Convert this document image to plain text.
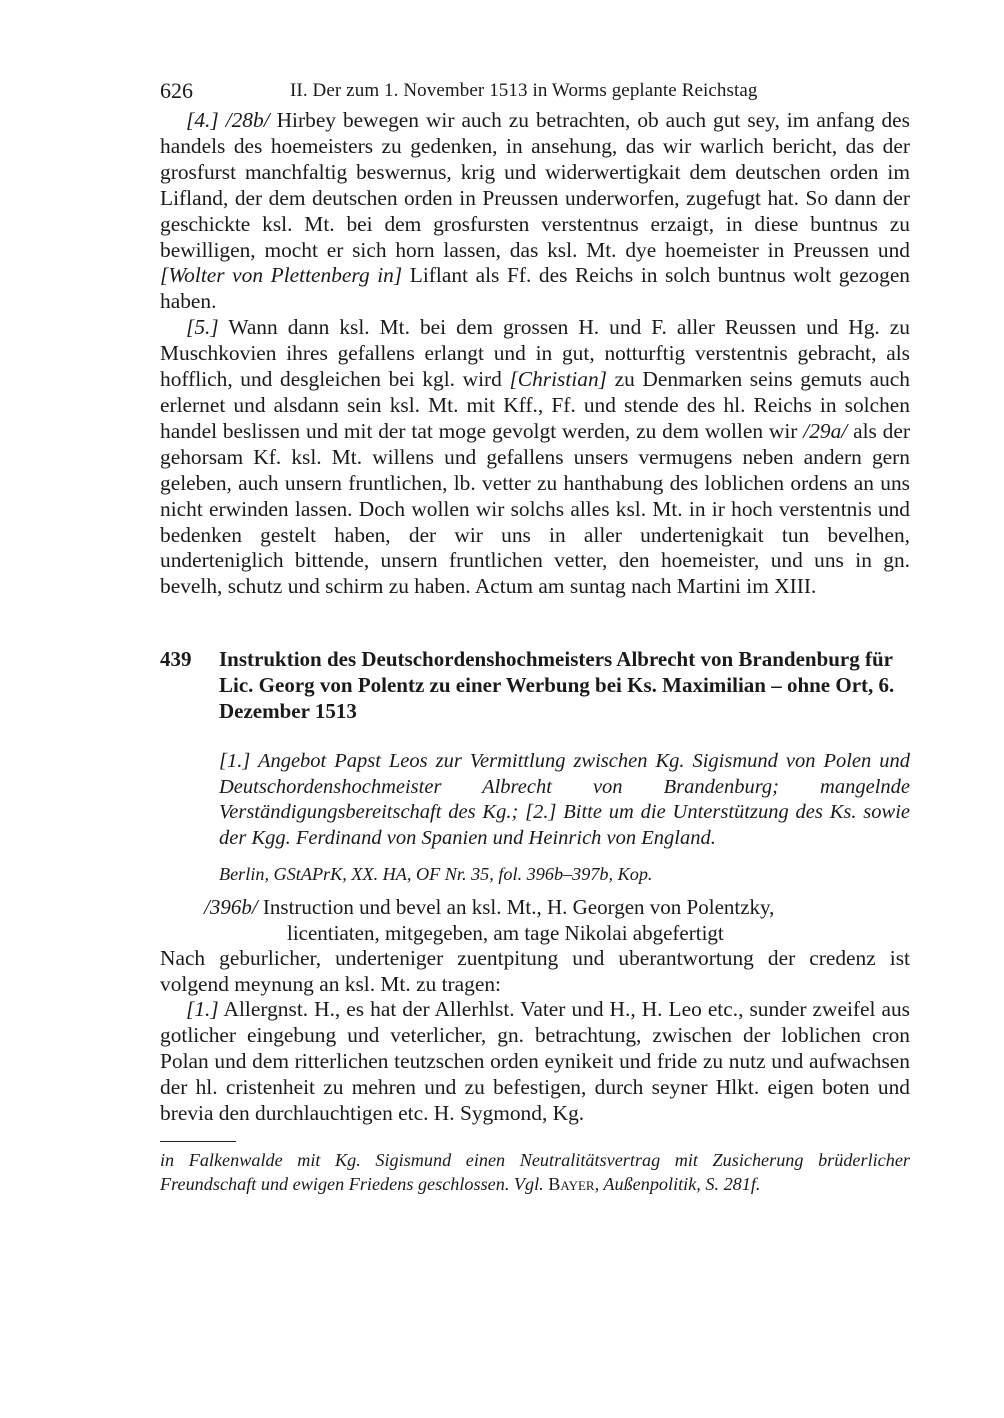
626	II. Der zum 1. November 1513 in Worms geplante Reichstag

[4.] /28b/ Hirbey bewegen wir auch zu betrachten, ob auch gut sey, im anfang des handels des hoemeisters zu gedenken, in ansehung, das wir warlich bericht, das der grosfurst manchfaltig beswernus, krig und widerwertigkait dem deutschen orden im Lifland, der dem deutschen orden in Preussen underworfen, zugefugt hat. So dann der geschickte ksl. Mt. bei dem grosfursten verstentnus erzaigt, in diese buntnus zu bewilligen, mocht er sich horn lassen, das ksl. Mt. dye hoemeister in Preussen und [Wolter von Plettenberg in] Liflant als Ff. des Reichs in solch buntnus wolt gezogen haben.

[5.] Wann dann ksl. Mt. bei dem grossen H. und F. aller Reussen und Hg. zu Muschkovien ihres gefallens erlangt und in gut, notturftig verstentnis gebracht, als hofflich, und desgleichen bei kgl. wird [Christian] zu Denmarken seins gemuts auch erlernet und alsdann sein ksl. Mt. mit Kff., Ff. und stende des hl. Reichs in solchen handel beslissen und mit der tat moge gevolgt werden, zu dem wollen wir /29a/ als der gehorsam Kf. ksl. Mt. willens und gefallens unsers vermugens neben andern gern geleben, auch unsern fruntlichen, lb. vetter zu hanthabung des loblichen ordens an uns nicht erwinden lassen. Doch wollen wir solchs alles ksl. Mt. in ir hoch verstentnis und bedenken gestelt haben, der wir uns in aller undertenigkait tun bevelhen, underteniglich bittende, unsern fruntlichen vetter, den hoemeister, und uns in gn. bevelh, schutz und schirm zu haben. Actum am suntag nach Martini im XIII.

439 Instruktion des Deutschordenshochmeisters Albrecht von Brandenburg für Lic. Georg von Polentz zu einer Werbung bei Ks. Maximilian – ohne Ort, 6. Dezember 1513
[1.] Angebot Papst Leos zur Vermittlung zwischen Kg. Sigismund von Polen und Deutschordenshochmeister Albrecht von Brandenburg; mangelnde Verständigungsbereitschaft des Kg.; [2.] Bitte um die Unterstützung des Ks. sowie der Kgg. Ferdinand von Spanien und Heinrich von England.
Berlin, GStAPrK, XX. HA, OF Nr. 35, fol. 396b–397b, Kop.
/396b/ Instruction und bevel an ksl. Mt., H. Georgen von Polentzky,
licentiaten, mitgegeben, am tage Nikolai abgefertigt

Nach geburlicher, underteniger zuentpitung und uberantwortung der credenz ist volgend meynung an ksl. Mt. zu tragen:

[1.] Allergnst. H., es hat der Allerhlst. Vater und H., H. Leo etc., sunder zweifel aus gotlicher eingebung und veterlicher, gn. betrachtung, zwischen der loblichen cron Polan und dem ritterlichen teutzschen orden eynikeit und fride zu nutz und aufwachsen der hl. cristenheit zu mehren und zu befestigen, durch seyner Hlkt. eigen boten und brevia den durchlauchtigen etc. H. Sygmond, Kg.

in Falkenwalde mit Kg. Sigismund einen Neutralitätsvertrag mit Zusicherung brüderlicher Freundschaft und ewigen Friedens geschlossen. Vgl. Bayer, Außenpolitik, S. 281f.
